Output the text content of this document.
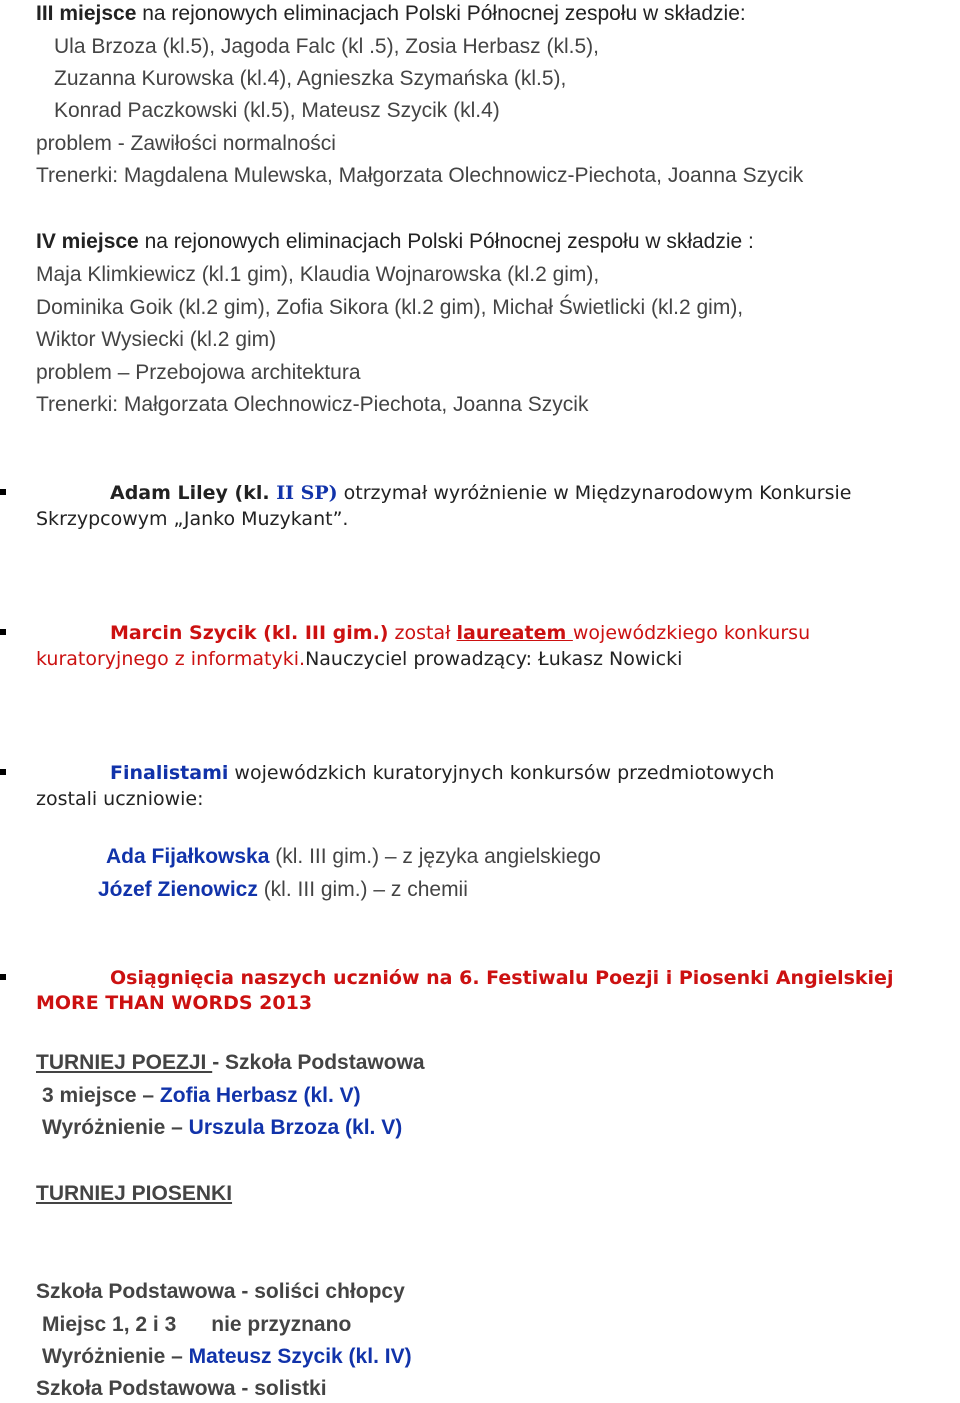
III miejsce na rejonowych eliminacjach Polski Północnej zespołu w składzie:
Ula Brzoza (kl.5), Jagoda Falc (kl .5), Zosia Herbasz (kl.5),
Zuzanna Kurowska (kl.4), Agnieszka Szymańska (kl.5),
Konrad Paczkowski (kl.5), Mateusz Szycik (kl.4)
problem - Zawiłości normalności
Trenerki: Magdalena Mulewska, Małgorzata Olechnowicz-Piechota, Joanna Szycik
IV miejsce na rejonowych eliminacjach Polski Północnej zespołu w składzie :
Maja Klimkiewicz (kl.1 gim), Klaudia Wojnarowska (kl.2 gim),
Dominika Goik (kl.2 gim), Zofia Sikora (kl.2 gim), Michał Świetlicki (kl.2 gim),
Wiktor Wysiecki (kl.2 gim)
problem – Przebojowa architektura
Trenerki: Małgorzata Olechnowicz-Piechota, Joanna Szycik
Adam Liley (kl. II SP) otrzymał wyróżnienie w Międzynarodowym Konkursie
Skrzypcowym „Janko Muzykant”.
Marcin Szycik (kl. III gim.) został laureatem wojewódzkiego konkursu
kuratoryjnego z informatyki.Nauczyciel prowadzący: Łukasz Nowicki
Finalistami wojewódzkich kuratoryjnych konkursów przedmiotowych
zostali uczniowie:
Ada Fijałkowska (kl. III gim.) – z języka angielskiego
Józef Zienowicz (kl. III gim.) – z chemii
Osiągnięcia naszych uczniów na 6. Festiwalu Poezji i Piosenki Angielskiej
MORE THAN WORDS 2013
TURNIEJ POEZJI - Szkoła Podstawowa
3 miejsce – Zofia Herbasz (kl. V)
Wyróżnienie – Urszula Brzoza (kl. V)
TURNIEJ PIOSENKI
Szkoła Podstawowa - soliści chłopcy
Miejsc 1, 2 i 3      nie przyznano
Wyróżnienie – Mateusz Szycik (kl. IV)
Szkoła Podstawowa - solistki
